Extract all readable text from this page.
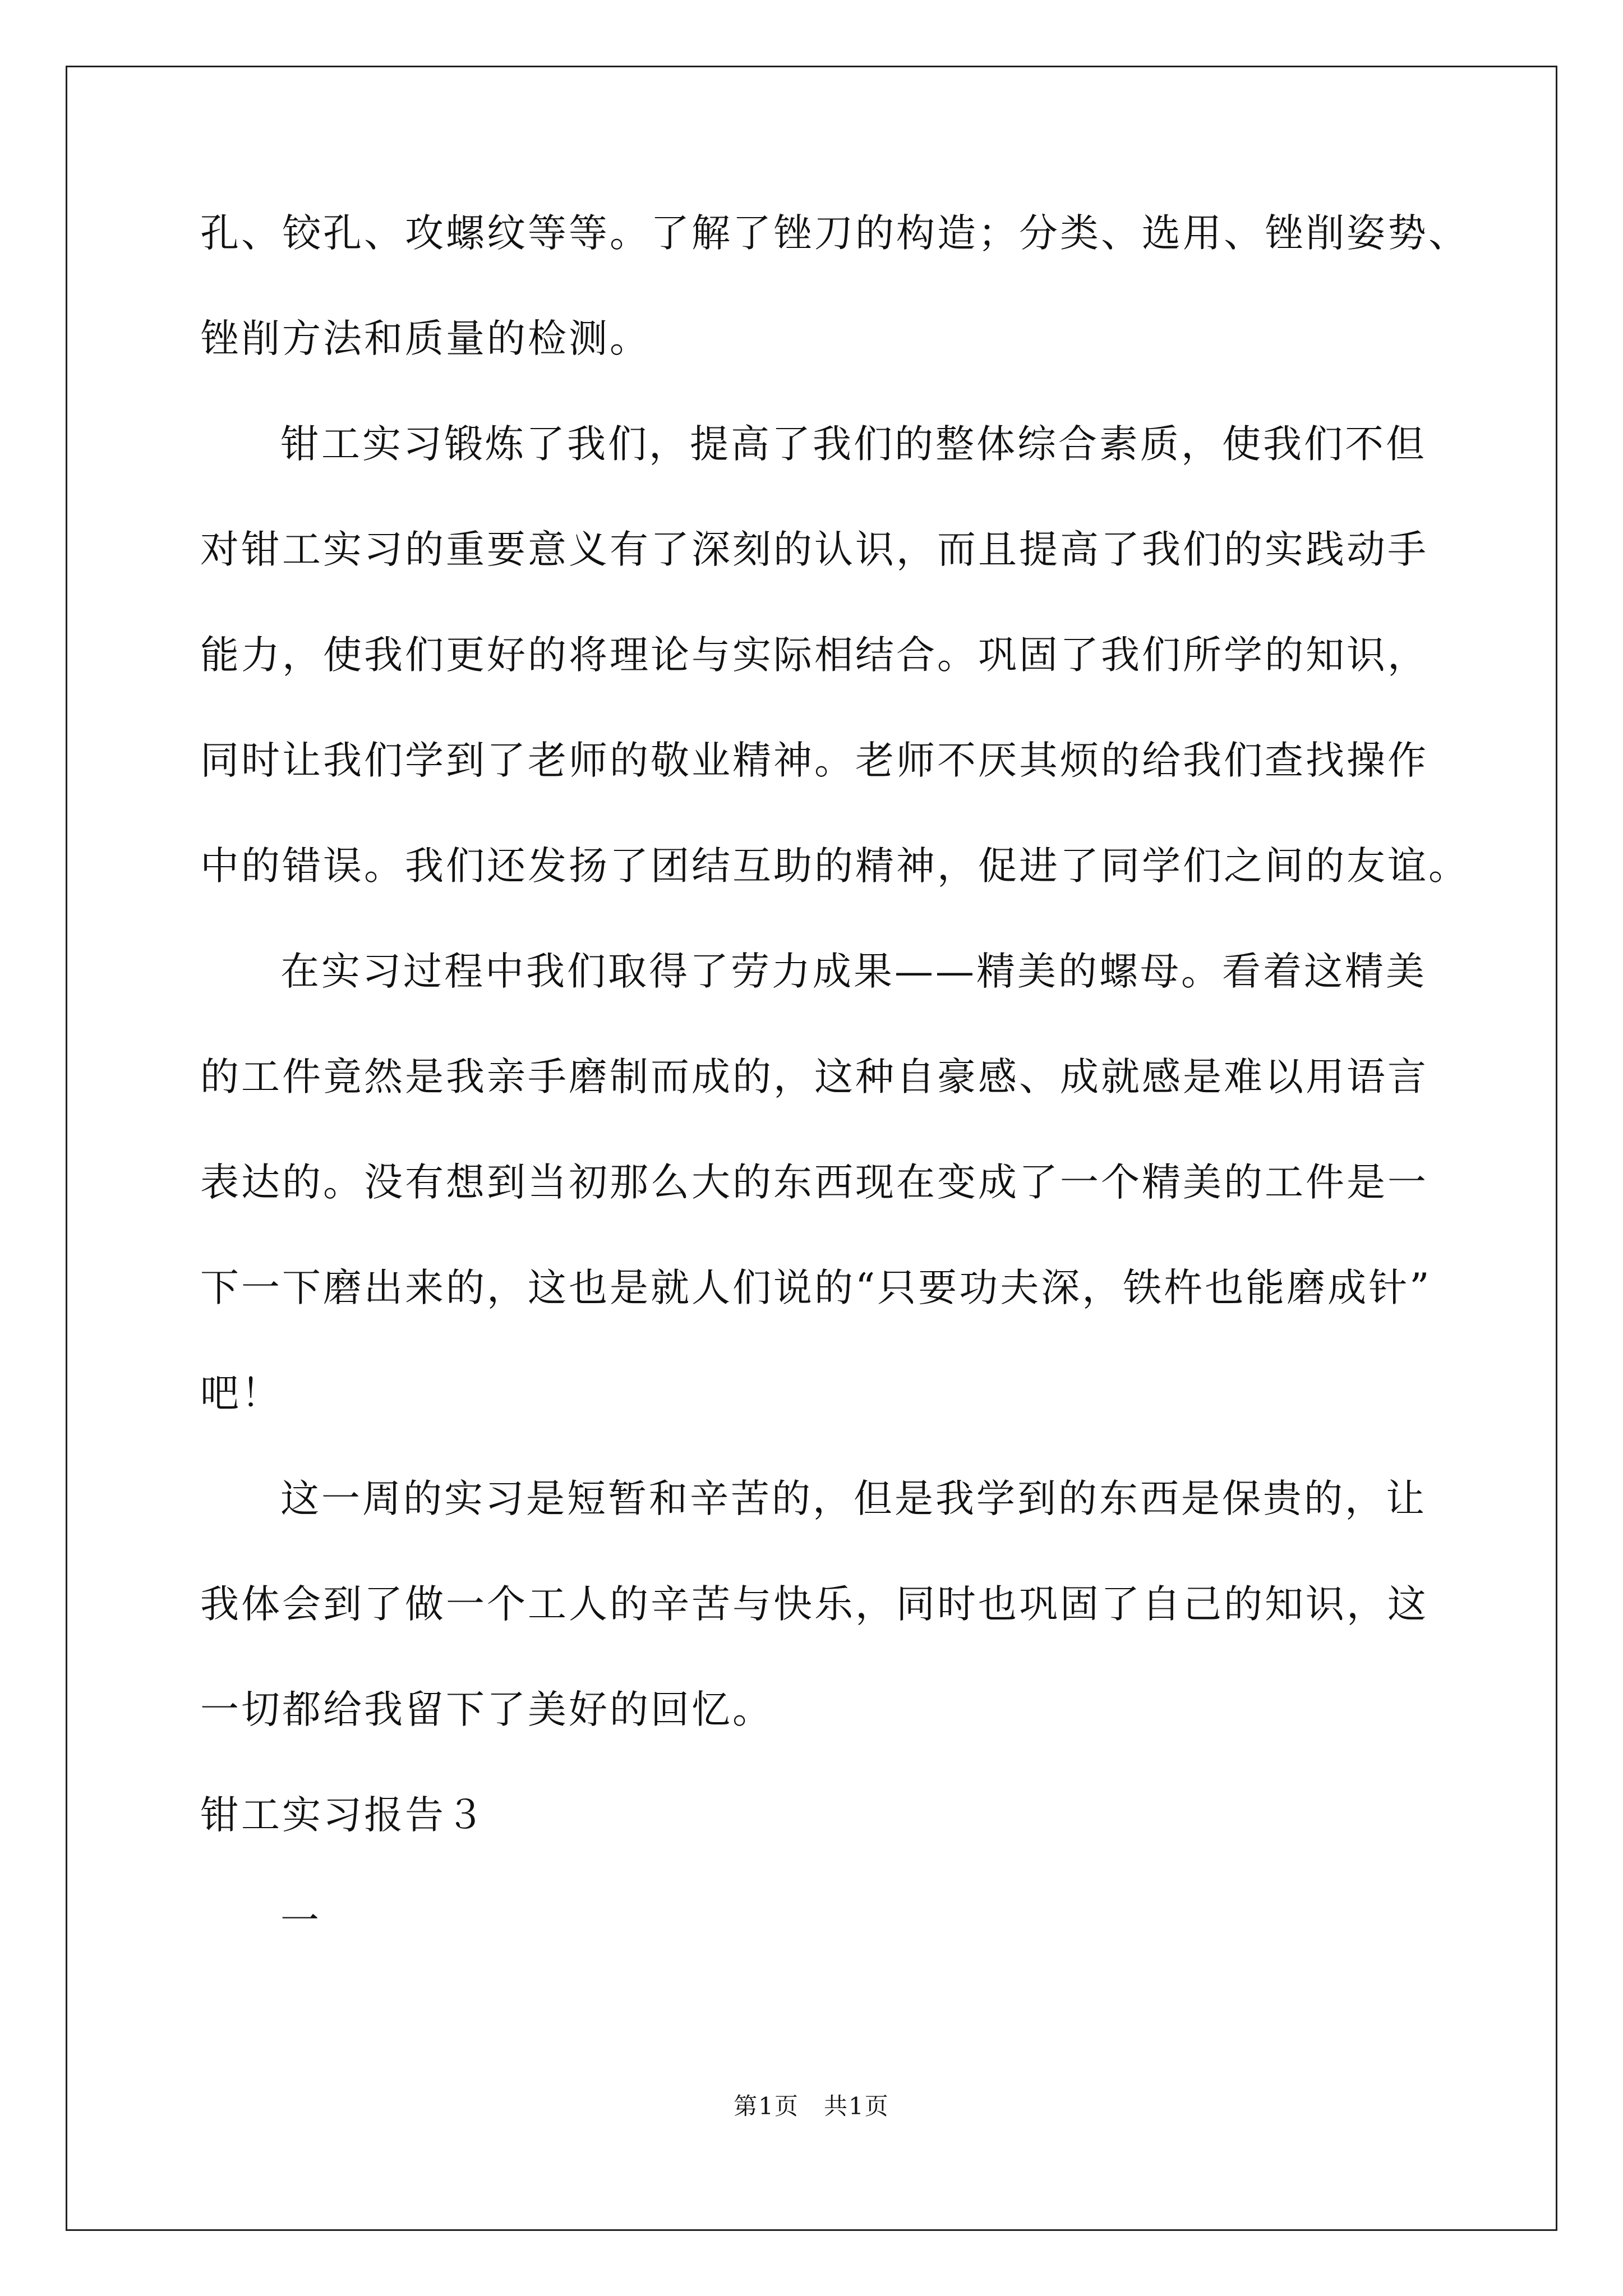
孔、铰孔、攻螺纹等等。了解了锉刀的构造；分类、选用、锉削姿势、
锉削方法和质量的检测。
钳工实习锻炼了我们，提高了我们的整体综合素质，使我们不但
对钳工实习的重要意义有了深刻的认识，而且提高了我们的实践动手
能力，使我们更好的将理论与实际相结合。巩固了我们所学的知识，
同时让我们学到了老师的敬业精神。老师不厌其烦的给我们查找操作
中的错误。我们还发扬了团结互助的精神，促进了同学们之间的友谊。
在实习过程中我们取得了劳力成果——精美的螺母。看着这精美
的工件竟然是我亲手磨制而成的，这种自豪感、成就感是难以用语言
表达的。没有想到当初那么大的东西现在变成了一个精美的工件是一
下一下磨出来的，这也是就人们说的“只要功夫深，铁杵也能磨成针”
吧！
这一周的实习是短暂和辛苦的，但是我学到的东西是保贵的，让
我体会到了做一个工人的辛苦与快乐，同时也巩固了自己的知识，这
一切都给我留下了美好的回忆。
钳工实习报告３
一
第1页　共1页
